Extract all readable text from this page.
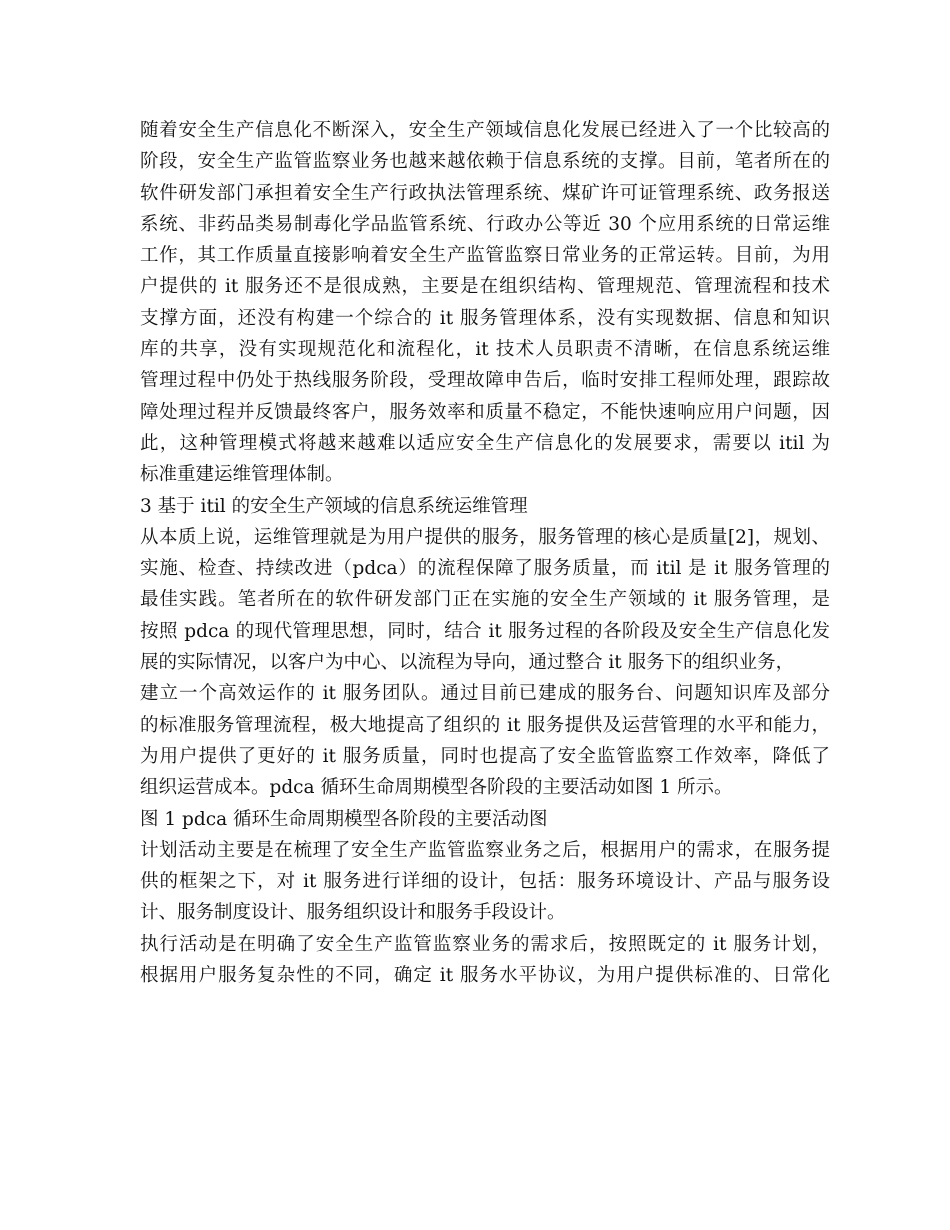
随着安全生产信息化不断深入，安全生产领域信息化发展已经进入了一个比较高的
阶段，安全生产监管监察业务也越来越依赖于信息系统的支撑。目前，笔者所在的
软件研发部门承担着安全生产行政执法管理系统、煤矿许可证管理系统、政务报送
系统、非药品类易制毒化学品监管系统、行政办公等近 30 个应用系统的日常运维
工作，其工作质量直接影响着安全生产监管监察日常业务的正常运转。目前，为用
户提供的 it 服务还不是很成熟，主要是在组织结构、管理规范、管理流程和技术
支撑方面，还没有构建一个综合的 it 服务管理体系，没有实现数据、信息和知识
库的共享，没有实现规范化和流程化，it 技术人员职责不清晰，在信息系统运维
管理过程中仍处于热线服务阶段，受理故障申告后，临时安排工程师处理，跟踪故
障处理过程并反馈最终客户，服务效率和质量不稳定，不能快速响应用户问题，因
此，这种管理模式将越来越难以适应安全生产信息化的发展要求，需要以 itil 为
标准重建运维管理体制。
3 基于 itil 的安全生产领域的信息系统运维管理
从本质上说，运维管理就是为用户提供的服务，服务管理的核心是质量[2]，规划、
实施、检查、持续改进（pdca）的流程保障了服务质量，而 itil 是 it 服务管理的
最佳实践。笔者所在的软件研发部门正在实施的安全生产领域的 it 服务管理，是
按照 pdca 的现代管理思想，同时，结合 it 服务过程的各阶段及安全生产信息化发
展的实际情况，以客户为中心、以流程为导向，通过整合 it 服务下的组织业务，
建立一个高效运作的 it 服务团队。通过目前已建成的服务台、问题知识库及部分
的标准服务管理流程，极大地提高了组织的 it 服务提供及运营管理的水平和能力，
为用户提供了更好的 it 服务质量，同时也提高了安全监管监察工作效率，降低了
组织运营成本。pdca 循环生命周期模型各阶段的主要活动如图 1 所示。
图 1 pdca 循环生命周期模型各阶段的主要活动图
计划活动主要是在梳理了安全生产监管监察业务之后，根据用户的需求，在服务提
供的框架之下，对 it 服务进行详细的设计，包括：服务环境设计、产品与服务设
计、服务制度设计、服务组织设计和服务手段设计。
执行活动是在明确了安全生产监管监察业务的需求后，按照既定的 it 服务计划，
根据用户服务复杂性的不同，确定 it 服务水平协议，为用户提供标准的、日常化
